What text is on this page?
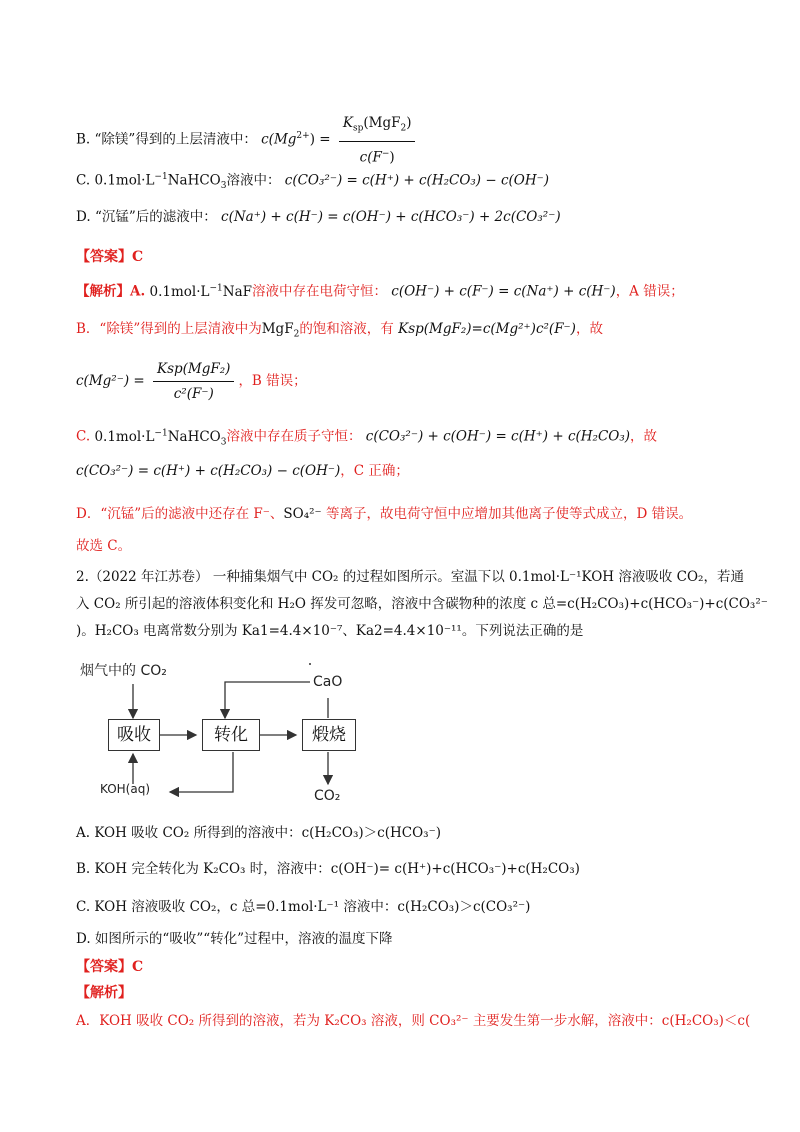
B. “除镁”得到的上层清液中： $c(Mg^{2+}) = \frac{K_{sp}(MgF_2)}{c(F^-)}$
C. $0.1mol\cdot L^{-1}NaHCO_3$溶液中： c(CO₃²⁻) = c(H⁺) + c(H₂CO₃) − c(OH⁻)
D. “沉锰”后的滤液中： c(Na⁺) + c(H⁻) = c(OH⁻) + c(HCO₃⁻) + 2c(CO₃²⁻)
【答案】C
【解析】A. $0.1mol\cdot L^{-1}NaF$溶液中存在电荷守恒： c(OH⁻) + c(F⁻) = c(Na⁺) + c(H⁻)，A 错误；
B．“除镁”得到的上层清液中为MgF$_2$的饱和溶液，有 Ksp(MgF₂)=c(Mg²⁺)c²(F⁻)，故
$c(Mg^{2-}) = \frac{\text{Ksp(MgF₂)}}{\text{c²(F⁻)}}$ ，B 错误；
C. $0.1mol\cdot L^{-1}NaHCO_3$溶液中存在质子守恒： c(CO₃²⁻) + c(OH⁻) = c(H⁺) + c(H₂CO₃)，故
c(CO₃²⁻) = c(H⁺) + c(H₂CO₃) − c(OH⁻)，C 正确；
D．“沉锰”后的滤液中还存在 F⁻、SO₄²⁻ 等离子，故电荷守恒中应增加其他离子使等式成立，D 错误。
故选 C。
2.（2022 年江苏卷） 一种捕集烟气中 CO₂ 的过程如图所示。室温下以 0.1mol·L⁻¹KOH 溶液吸收 CO₂，若通
入 CO₂ 所引起的溶液体积变化和 H₂O 挥发可忽略，溶液中含碳物种的浓度 c 总=c(H₂CO₃)+c(HCO₃⁻)+c(CO₃²⁻
)。H₂CO₃ 电离常数分别为 Ka1=4.4×10⁻⁷、Ka2=4.4×10⁻¹¹。下列说法正确的是
烟气中的 CO₂
吸收	转化	煅烧
CaO
KOH(aq)	CO₂
A. KOH 吸收 CO₂ 所得到的溶液中：c(H₂CO₃)＞c(HCO₃⁻)
B. KOH 完全转化为 K₂CO₃ 时，溶液中：c(OH⁻)= c(H⁺)+c(HCO₃⁻)+c(H₂CO₃)
C. KOH 溶液吸收 CO₂，c 总=0.1mol·L⁻¹ 溶液中：c(H₂CO₃)＞c(CO₃²⁻)
D. 如图所示的“吸收”“转化”过程中，溶液的温度下降
【答案】C
【解析】
A．KOH 吸收 CO₂ 所得到的溶液，若为 K₂CO₃ 溶液，则 CO₃²⁻ 主要发生第一步水解，溶液中：c(H₂CO₃)＜c(
